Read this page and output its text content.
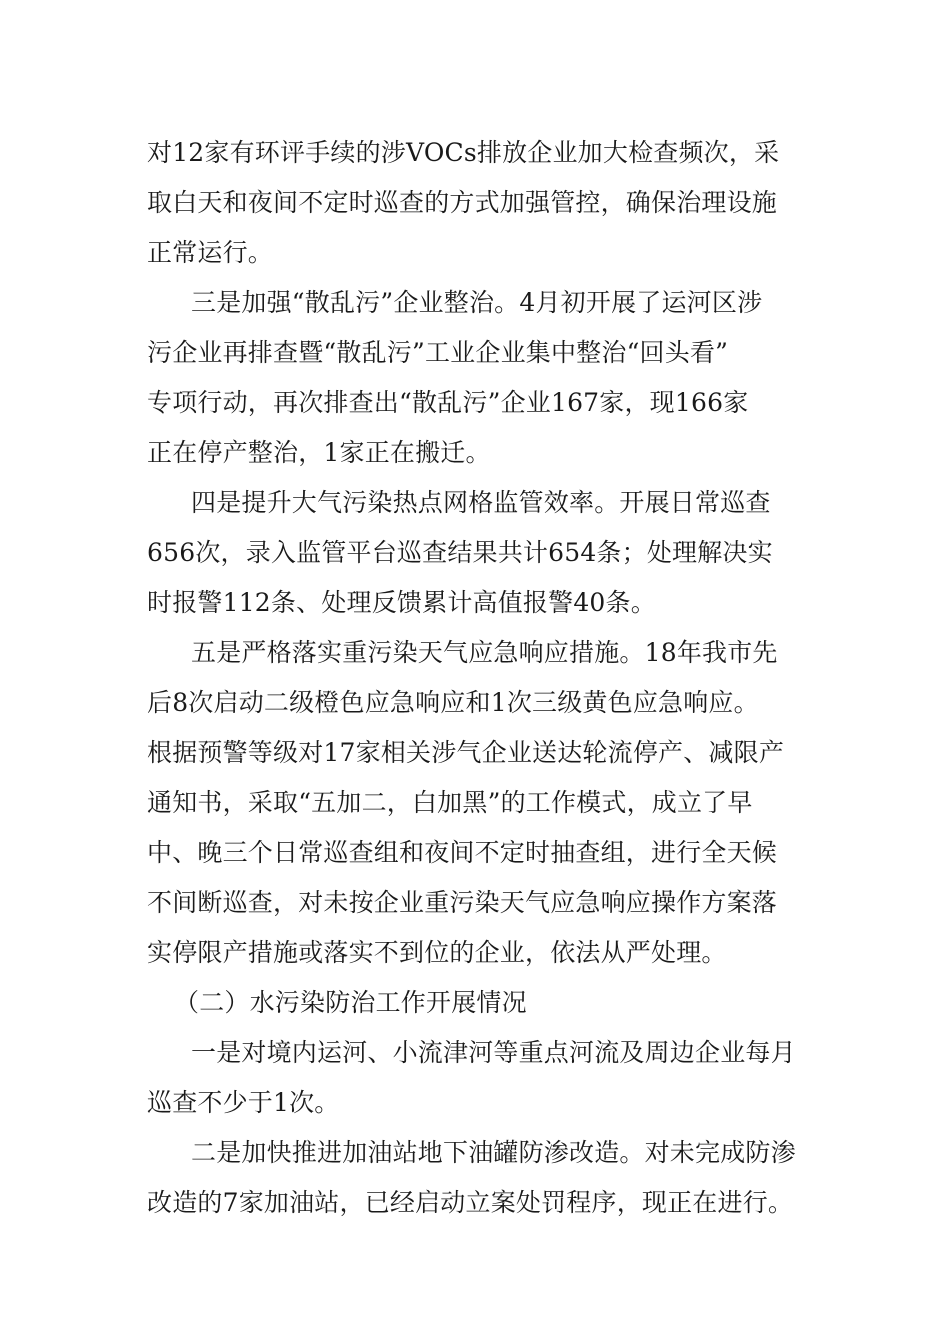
对12家有环评手续的涉VOCs排放企业加大检查频次，采
取白天和夜间不定时巡查的方式加强管控，确保治理设施
正常运行。
三是加强“散乱污”企业整治。4月初开展了运河区涉
污企业再排查暨“散乱污”工业企业集中整治“回头看”
专项行动，再次排查出“散乱污”企业167家，现166家
正在停产整治，1家正在搬迁。
四是提升大气污染热点网格监管效率。开展日常巡查
656次，录入监管平台巡查结果共计654条；处理解决实
时报警112条、处理反馈累计高值报警40条。
五是严格落实重污染天气应急响应措施。18年我市先
后8次启动二级橙色应急响应和1次三级黄色应急响应。
根据预警等级对17家相关涉气企业送达轮流停产、减限产
通知书，采取“五加二，白加黑”的工作模式，成立了早
中、晚三个日常巡查组和夜间不定时抽查组，进行全天候
不间断巡查，对未按企业重污染天气应急响应操作方案落
实停限产措施或落实不到位的企业，依法从严处理。
（二）水污染防治工作开展情况
一是对境内运河、小流津河等重点河流及周边企业每月
巡查不少于1次。
二是加快推进加油站地下油罐防渗改造。对未完成防渗
改造的7家加油站，已经启动立案处罚程序，现正在进行。
